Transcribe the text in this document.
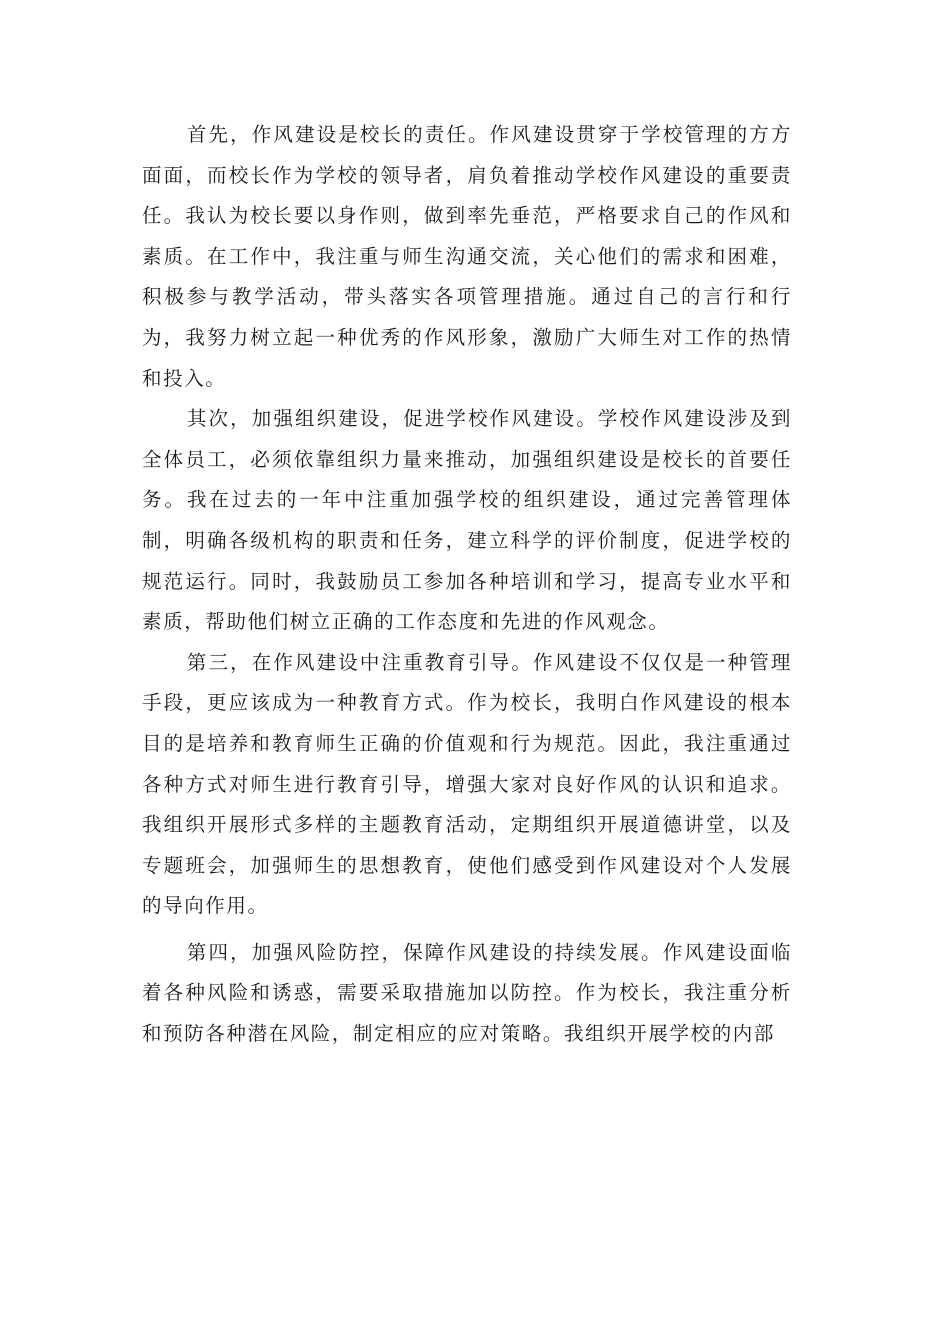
首先，作风建设是校长的责任。作风建设贯穿于学校管理的方方面面，而校长作为学校的领导者，肩负着推动学校作风建设的重要责任。我认为校长要以身作则，做到率先垂范，严格要求自己的作风和素质。在工作中，我注重与师生沟通交流，关心他们的需求和困难，积极参与教学活动，带头落实各项管理措施。通过自己的言行和行为，我努力树立起一种优秀的作风形象，激励广大师生对工作的热情和投入。

其次，加强组织建设，促进学校作风建设。学校作风建设涉及到全体员工，必须依靠组织力量来推动，加强组织建设是校长的首要任务。我在过去的一年中注重加强学校的组织建设，通过完善管理体制，明确各级机构的职责和任务，建立科学的评价制度，促进学校的规范运行。同时，我鼓励员工参加各种培训和学习，提高专业水平和 素质，帮助他们树立正确的工作态度和先进的作风观念。

第三，在作风建设中注重教育引导。作风建设不仅仅是一种管理手段，更应该成为一种教育方式。作为校长，我明白作风建设的根本目的是培养和教育师生正确的价值观和行为规范。因此，我注重通过各种方式对师生进行教育引导，增强大家对良好作风的认识和追求。我组织开展形式多样的主题教育活动，定期组织开展道德讲堂，以及专题班会，加强师生的思想教育，使他们感受到作风建设对个人发展的导向作用。

第四，加强风险防控，保障作风建设的持续发展。作风建设面临着各种风险和诱惑，需要采取措施加以防控。作为校长，我注重分析和预防各种潜在风险，制定相应的应对策略。我组织开展学校的内部
